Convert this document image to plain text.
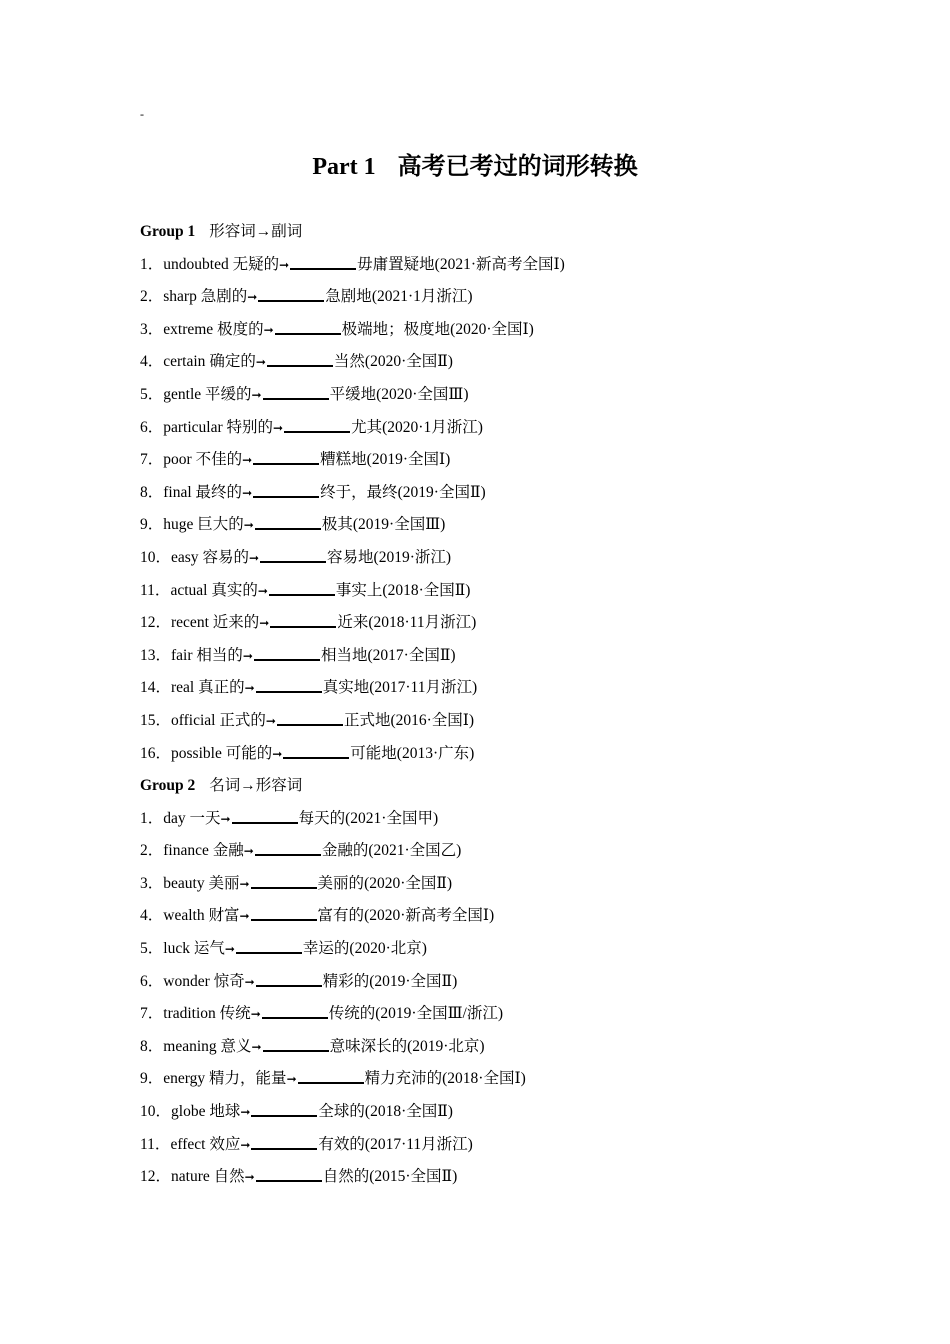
-
Part 1 高考已考过的词形转换
Group 1 形容词→副词
1．undoubted 无疑的➞	毋庸置疑地(2021·新高考全国Ⅰ)
2．sharp 急剧的➞	急剧地(2021·1月浙江)
3．extreme 极度的➞	极端地；极度地(2020·全国Ⅰ)
4．certain 确定的➞	当然(2020·全国Ⅱ)
5．gentle 平缓的➞	平缓地(2020·全国Ⅲ)
6．particular 特别的➞	尤其(2020·1月浙江)
7．poor 不佳的➞	糟糕地(2019·全国Ⅰ)
8．final 最终的➞	终于，最终(2019·全国Ⅱ)
9．huge 巨大的➞	极其(2019·全国Ⅲ)
10．easy 容易的➞	容易地(2019·浙江)
11．actual 真实的➞	事实上(2018·全国Ⅱ)
12．recent 近来的➞	近来(2018·11月浙江)
13．fair 相当的➞	相当地(2017·全国Ⅱ)
14．real 真正的➞	真实地(2017·11月浙江)
15．official 正式的➞	正式地(2016·全国Ⅰ)
16．possible 可能的➞	可能地(2013·广东)
Group 2 名词→形容词
1．day 一天➞	每天的(2021·全国甲)
2．finance 金融➞	金融的(2021·全国乙)
3．beauty 美丽➞	美丽的(2020·全国Ⅱ)
4．wealth 财富➞	富有的(2020·新高考全国Ⅰ)
5．luck 运气➞	幸运的(2020·北京)
6．wonder 惊奇➞	精彩的(2019·全国Ⅱ)
7．tradition 传统➞	传统的(2019·全国Ⅲ/浙江)
8．meaning 意义➞	意味深长的(2019·北京)
9．energy 精力，能量➞	精力充沛的(2018·全国Ⅰ)
10．globe 地球➞	全球的(2018·全国Ⅱ)
11．effect 效应➞	有效的(2017·11月浙江)
12．nature 自然➞	自然的(2015·全国Ⅱ)
